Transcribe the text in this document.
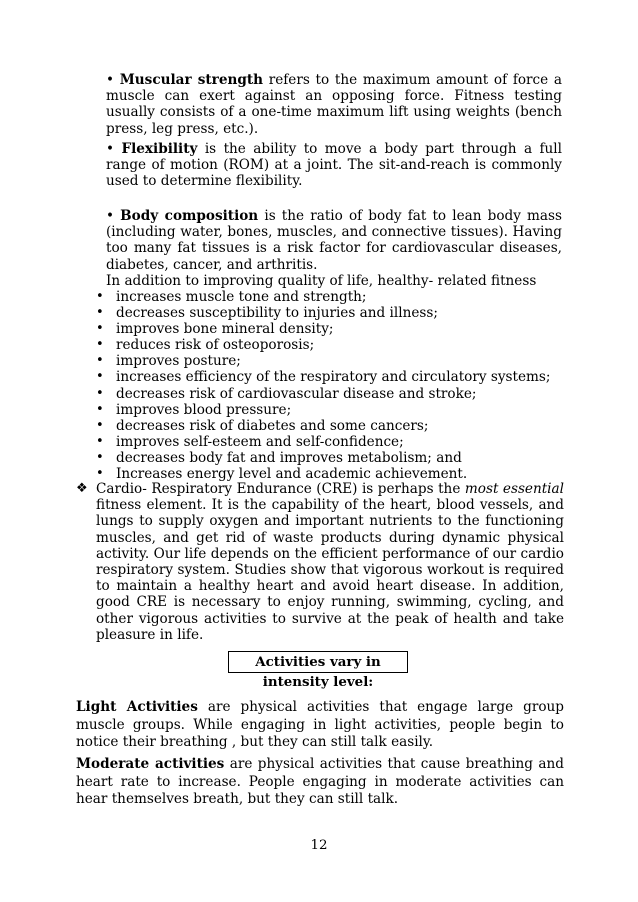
• Muscular strength refers to the maximum amount of force a muscle can exert against an opposing force. Fitness testing usually consists of a one-time maximum lift using weights (bench press, leg press, etc.).

• Flexibility is the ability to move a body part through a full range of motion (ROM) at a joint. The sit-and-reach is commonly used to determine flexibility.

• Body composition is the ratio of body fat to lean body mass (including water, bones, muscles, and connective tissues). Having too many fat tissues is a risk factor for cardiovascular diseases, diabetes, cancer, and arthritis.

In addition to improving quality of life, healthy- related fitness
• increases muscle tone and strength;
• decreases susceptibility to injuries and illness;
• improves bone mineral density;
• reduces risk of osteoporosis;
• improves posture;
• increases efficiency of the respiratory and circulatory systems;
• decreases risk of cardiovascular disease and stroke;
• improves blood pressure;
• decreases risk of diabetes and some cancers;
• improves self-esteem and self-confidence;
• decreases body fat and improves metabolism; and
• Increases energy level and academic achievement.
❖ Cardio- Respiratory Endurance (CRE) is perhaps the most essential fitness element. It is the capability of the heart, blood vessels, and lungs to supply oxygen and important nutrients to the functioning muscles, and get rid of waste products during dynamic physical activity. Our life depends on the efficient performance of our cardio respiratory system. Studies show that vigorous workout is required to maintain a healthy heart and avoid heart disease. In addition, good CRE is necessary to enjoy running, swimming, cycling, and other vigorous activities to survive at the peak of health and take pleasure in life.
Activities vary in intensity level:

Light Activities are physical activities that engage large group muscle groups. While engaging in light activities, people begin to notice their breathing , but they can still talk easily.

Moderate activities are physical activities that cause breathing and heart rate to increase. People engaging in moderate activities can hear themselves breath, but they can still talk.

12
